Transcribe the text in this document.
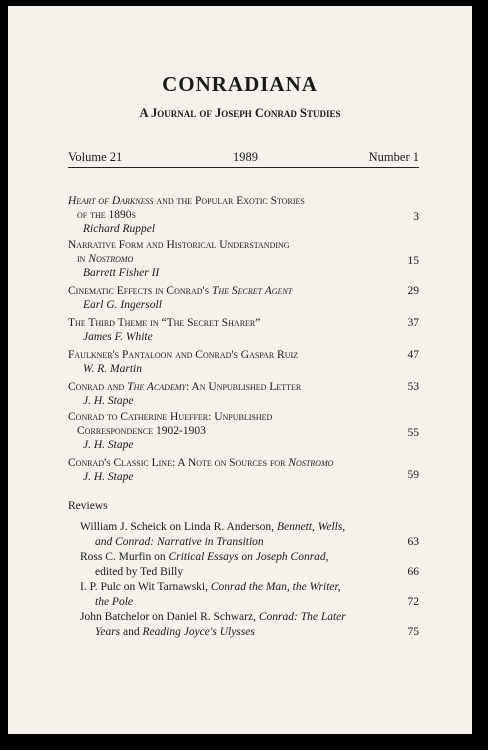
CONRADIANA
A Journal of Joseph Conrad Studies
Volume 21	1989	Number 1
Heart of Darkness and the Popular Exotic Stories
of the 1890s
Richard Ruppel
3
Narrative Form and Historical Understanding
in Nostromo
Barrett Fisher II
15
Cinematic Effects in Conrad's The Secret Agent
Earl G. Ingersoll
29
The Third Theme in “The Secret Sharer”
James F. White
37
Faulkner's Pantaloon and Conrad's Gaspar Ruiz
W. R. Martin
47
Conrad and The Academy: An Unpublished Letter
J. H. Stape
53
Conrad to Catherine Hueffer: Unpublished
Correspondence 1902-1903
J. H. Stape
55
Conrad's Classic Line: A Note on Sources for Nostromo
J. H. Stape	59
Reviews
William J. Scheick on Linda R. Anderson, Bennett, Wells,
and Conrad: Narrative in Transition	63
Ross C. Murfin on Critical Essays on Joseph Conrad,
edited by Ted Billy	66
I. P. Pulc on Wit Tarnawski, Conrad the Man, the Writer,
the Pole	72
John Batchelor on Daniel R. Schwarz, Conrad: The Later
Years and Reading Joyce's Ulysses	75
